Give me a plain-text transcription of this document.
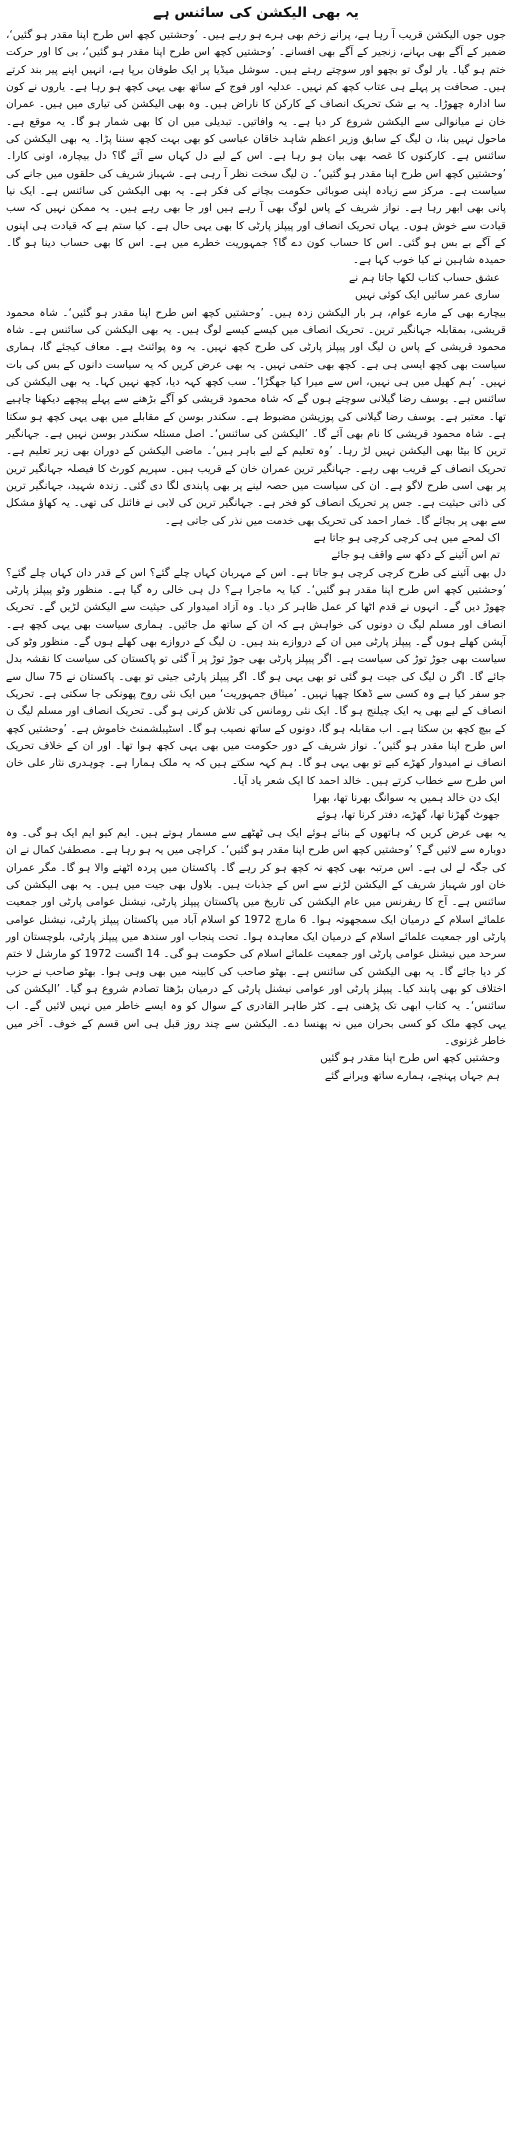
یہ بھی الیکشن کی سائنس ہے

جوں جوں الیکشن قریب آ رہا ہے، پرانے زخم بھی ہرے ہو رہے ہیں۔ ’وحشتیں کچھ اس طرح اپنا مقدر ہو گئیں‘، ضمیر کے آگے بھی بہانے، زنجیر کے آگے بھی افسانے۔ ’وحشتیں کچھ اس طرح اپنا مقدر ہو گئیں‘، بی کا اور حرکت ختم ہو گیا۔ یار لوگ تو بچھو اور سوچتے رہتے ہیں۔ سوشل میڈیا پر ایک طوفان برپا ہے، انہیں اپنے پیر بند کرتے ہیں۔ صحافت پر پہلے ہی عتاب کچھ کم نہیں۔ عدلیہ اور فوج کے ساتھ بھی یہی کچھ ہو رہا ہے۔ یاروں نے کون سا ادارہ چھوڑا۔ یہ بے شک تحریک انصاف کے کارکن کا ناراض ہیں۔ وہ بھی الیکشن کی تیاری میں ہیں۔ عمران خان نے میانوالی سے الیکشن شروع کر دیا ہے۔ یہ وافاتیں۔ تبدیلی میں ان کا بھی شمار ہو گا۔ یہ موقع ہے۔ ماحول نہیں بنا، ن لیگ کے سابق وزیر اعظم شاہد خاقان عباسی کو بھی بہت کچھ سننا پڑا۔ یہ بھی الیکشن کی سائنس ہے۔ کارکنوں کا غصہ بھی بیان ہو رہا ہے۔ اس کے لیے دل کہاں سے آئے گا؟ دل بیچارہ، اونی کارا۔ ’وحشتیں کچھ اس طرح اپنا مقدر ہو گئیں‘۔ ن لیگ سخت نظر آ رہی ہے۔ شہباز شریف کی حلقوں میں جانے کی سیاست ہے۔ مرکز سے زیادہ اپنی صوبائی حکومت بچانے کی فکر ہے۔ یہ بھی الیکشن کی سائنس ہے۔ ایک نیا پانی بھی ابھر رہا ہے۔ نواز شریف کے پاس لوگ بھی آ رہے ہیں اور جا بھی رہے ہیں۔ یہ ممکن نہیں کہ سب قیادت سے خوش ہوں۔ یہاں تحریک انصاف اور پیپلز پارٹی کا بھی یہی حال ہے۔ کیا ستم ہے کہ قیادت ہی اپنوں کے آگے بے بس ہو گئی۔ اس کا حساب کون دے گا؟ جمہوریت خطرے میں ہے۔ اس کا بھی حساب دینا ہو گا۔ حمیدہ شاہین نے کیا خوب کہا ہے۔

عشق حساب کتاب لکھا جاتا ہم نے

ساری عمر سائیں ایک کوئی نہیں

بیچارے بھی کے مارے عوام، ہر بار الیکشن زدہ ہیں۔ ’وحشتیں کچھ اس طرح اپنا مقدر ہو گئیں‘۔ شاہ محمود قریشی، بمقابلہ جہانگیر ترین۔ تحریک انصاف میں کیسے کیسے لوگ ہیں۔ یہ بھی الیکشن کی سائنس ہے۔ شاہ محمود قریشی کے پاس ن لیگ اور پیپلز پارٹی کی طرح کچھ نہیں۔ یہ وہ پوائنٹ ہے۔ معاف کیجئے گا، ہماری سیاست بھی کچھ ایسی ہی ہے۔ کچھ بھی حتمی نہیں۔ یہ بھی عرض کریں کہ یہ سیاست دانوں کے بس کی بات نہیں۔ ’ہم کھیل میں ہی نہیں، اس سے میرا کیا جھگڑا‘۔ سب کچھ کہہ دیا، کچھ نہیں کہا۔ یہ بھی الیکشن کی سائنس ہے۔ یوسف رضا گیلانی سوچتے ہوں گے کہ شاہ محمود قریشی کو آگے بڑھنے سے پہلے پیچھے دیکھنا چاہیے تھا۔ معتبر ہے۔ یوسف رضا گیلانی کی پوزیشن مضبوط ہے۔ سکندر بوسن کے مقابلے میں بھی یہی کچھ ہو سکتا ہے۔ شاہ محمود قریشی کا نام بھی آئے گا۔ ’الیکشن کی سائنس‘۔ اصل مسئلہ سکندر بوسن نہیں ہے۔ جہانگیر ترین کا بیٹا بھی الیکشن نہیں لڑ رہا۔ ’وہ تعلیم کے لیے باہر ہیں‘۔ ماضی الیکشن کے دوران بھی زیر تعلیم ہے۔ تحریک انصاف کے قریب بھی رہے۔ جہانگیر ترین عمران خان کے قریب ہیں۔ سپریم کورٹ کا فیصلہ جہانگیر ترین پر بھی اسی طرح لاگو ہے۔ ان کی سیاست میں حصہ لینے پر بھی پابندی لگا دی گئی۔ زندہ شہید، جہانگیر ترین کی ذاتی حیثیت ہے۔ جس پر تحریک انصاف کو فخر ہے۔ جہانگیر ترین کی لابی نے فائنل کی تھی۔ یہ کھاؤ مشکل سے بھی پر بجائے گا۔ خمار احمد کی تحریک بھی خدمت میں نذر کی جاتی ہے۔

اک لمحے میں ہی کرچی کرچی ہو جاتا ہے

تم اس آئینے کے دکھ سے واقف ہو جائے

دل بھی آئینے کی طرح کرچی کرچی ہو جاتا ہے۔ اس کے مہربان کہاں چلے گئے؟ اس کے قدر دان کہاں چلے گئے؟ ’وحشتیں کچھ اس طرح اپنا مقدر ہو گئیں‘۔ کیا یہ ماجرا ہے؟ دل ہی خالی رہ گیا ہے۔ منظور وٹو پیپلز پارٹی چھوڑ دیں گے۔ انہوں نے قدم اٹھا کر عمل ظاہر کر دیا۔ وہ آزاد امیدوار کی حیثیت سے الیکشن لڑیں گے۔ تحریک انصاف اور مسلم لیگ ن دونوں کی خواہش ہے کہ ان کے ساتھ مل جائیں۔ ہماری سیاست بھی یہی کچھ ہے۔ آپشن کھلے ہوں گے۔ پیپلز پارٹی میں ان کے دروازے بند ہیں۔ ن لیگ کے دروازے بھی کھلے ہوں گے۔ منظور وٹو کی سیاست بھی جوڑ توڑ کی سیاست ہے۔ اگر پیپلز پارٹی بھی جوڑ توڑ پر آ گئی تو پاکستان کی سیاست کا نقشہ بدل جائے گا۔ اگر ن لیگ کی جیت ہو گئی تو بھی یہی ہو گا۔ اگر پیپلز پارٹی جیتی تو بھی۔ پاکستان نے 75 سال سے جو سفر کیا ہے وہ کسی سے ڈھکا چھپا نہیں۔ ’میثاق جمہوریت‘ میں ایک نئی روح پھونکی جا سکتی ہے۔ تحریک انصاف کے لیے بھی یہ ایک چیلنج ہو گا۔ ایک نئی رومانس کی تلاش کرنی ہو گی۔ تحریک انصاف اور مسلم لیگ ن کے بیچ کچھ بن سکتا ہے۔ اب مقابلہ ہو گا، دونوں کے ساتھ نصیب ہو گا۔ اسٹیبلشمنٹ خاموش ہے۔ ’وحشتیں کچھ اس طرح اپنا مقدر ہو گئیں‘۔ نواز شریف کے دور حکومت میں بھی یہی کچھ ہوا تھا۔ اور ان کے خلاف تحریک انصاف نے امیدوار کھڑے کیے تو بھی یہی ہو گا۔ ہم کہہ سکتے ہیں کہ یہ ملک ہمارا ہے۔ چوہدری نثار علی خان اس طرح سے خطاب کرتے ہیں۔ خالد احمد کا ایک شعر یاد آیا۔

ایک دن خالد ہمیں یہ سوانگ بھرنا تھا، بھرا

جھوٹ گھڑنا تھا، گھڑے، دفتر کرنا تھا، ہوئے

یہ بھی عرض کریں کہ ہاتھوں کے بنائے ہوئے ایک ہی ٹھٹھے سے مسمار ہوتے ہیں۔ ایم کیو ایم ایک ہو گی۔ وہ دوبارہ سے لائیں گے؟ ’وحشتیں کچھ اس طرح اپنا مقدر ہو گئیں‘۔ کراچی میں یہ ہو رہا ہے۔ مصطفیٰ کمال نے ان کی جگہ لے لی ہے۔ اس مرتبہ بھی کچھ نہ کچھ ہو کر رہے گا۔ پاکستان میں پردہ اٹھنے والا ہو گا۔ مگر عمران خان اور شہباز شریف کے الیکشن لڑنے سے اس کے جذبات ہیں۔ بلاول بھی جیت میں ہیں۔ یہ بھی الیکشن کی سائنس ہے۔ آج کا ریفرنس میں عام الیکشن کی تاریخ میں پاکستان پیپلز پارٹی، نیشنل عوامی پارٹی اور جمعیت علمائے اسلام کے درمیان ایک سمجھوتہ ہوا۔ 6 مارچ 1972 کو اسلام آباد میں پاکستان پیپلز پارٹی، نیشنل عوامی پارٹی اور جمعیت علمائے اسلام کے درمیان ایک معاہدہ ہوا۔ تحت پنجاب اور سندھ میں پیپلز پارٹی، بلوچستان اور سرحد میں نیشنل عوامی پارٹی اور جمعیت علمائے اسلام کی حکومت ہو گی۔ 14 اگست 1972 کو مارشل لا ختم کر دیا جائے گا۔ یہ بھی الیکشن کی سائنس ہے۔ بھٹو صاحب کی کابینہ میں بھی وہی ہوا۔ بھٹو صاحب نے حزب اختلاف کو بھی پابند کیا۔ پیپلز پارٹی اور عوامی نیشنل پارٹی کے درمیان بڑھتا تصادم شروع ہو گیا۔ ’الیکشن کی سائنس‘۔ یہ کتاب ابھی تک پڑھنی ہے۔ کٹر طاہر القادری کے سوال کو وہ ایسے خاطر میں نہیں لائیں گے۔ اب یہی کچھ ملک کو کسی بحران میں نہ پھنسا دے۔ الیکشن سے چند روز قبل ہی اس قسم کے خوف۔ آخر میں خاطر غزنوی۔

وحشتیں کچھ اس طرح اپنا مقدر ہو گئیں

ہم جہاں پہنچے، ہمارے ساتھ ویرانے گئے
